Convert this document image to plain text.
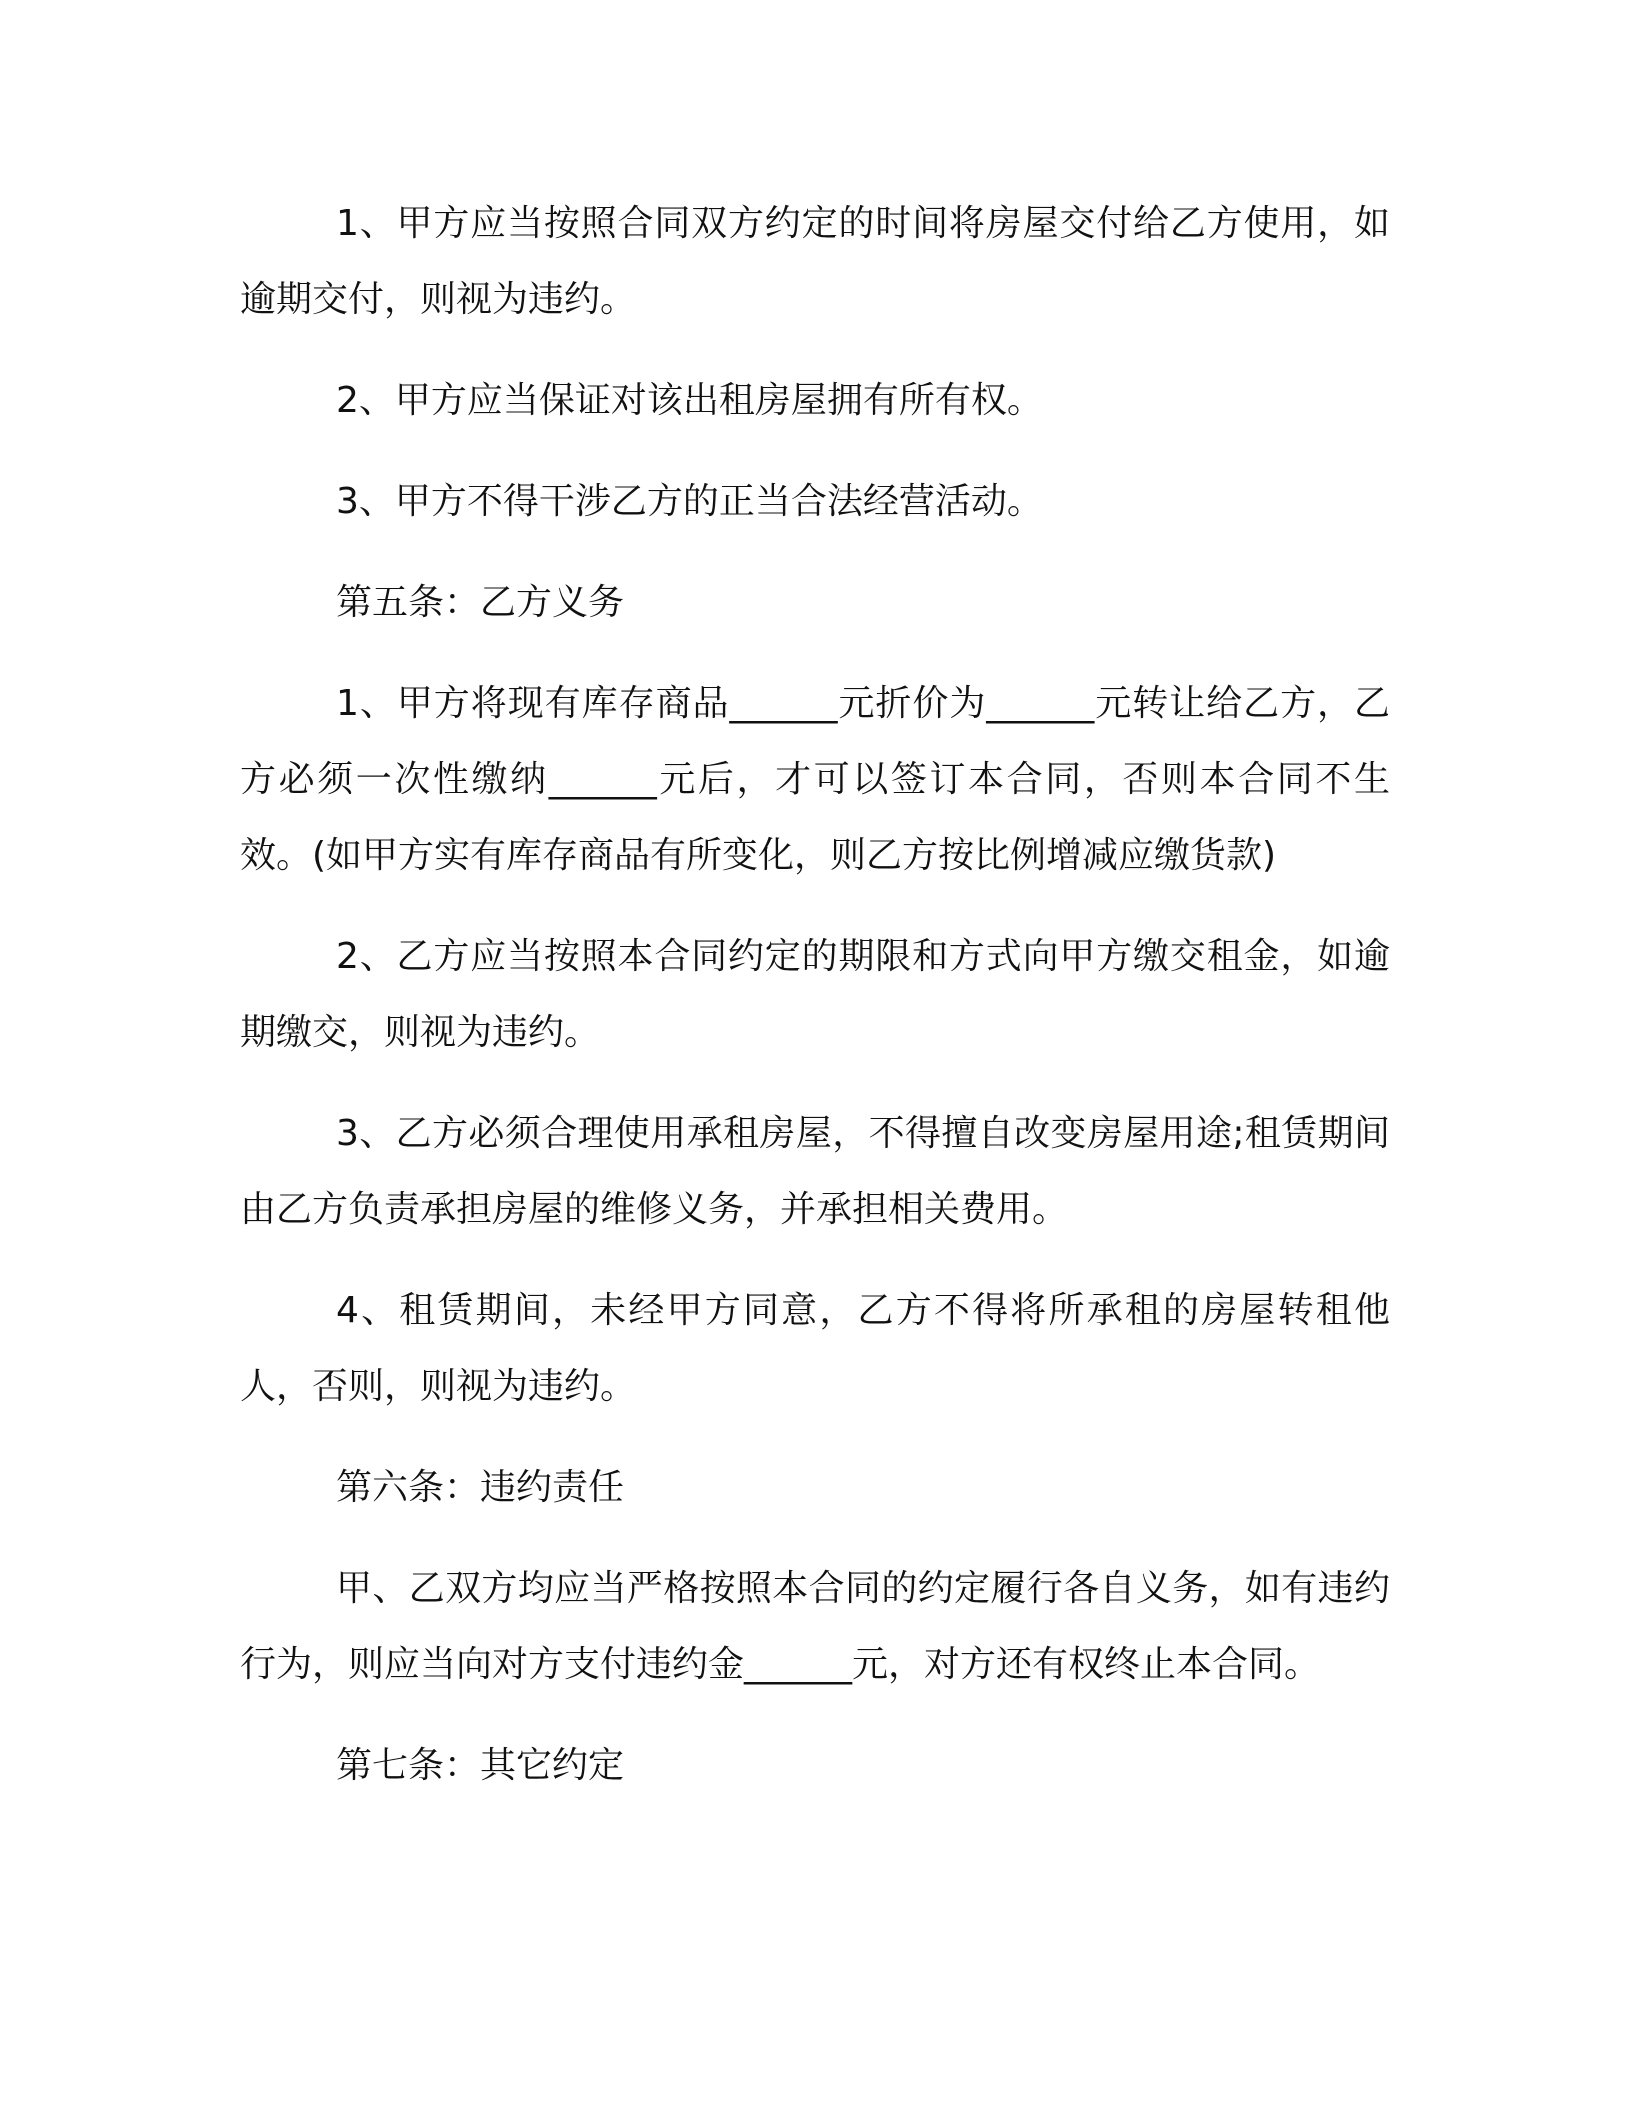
1、甲方应当按照合同双方约定的时间将房屋交付给乙方使用，如逾期交付，则视为违约。

2、甲方应当保证对该出租房屋拥有所有权。

3、甲方不得干涉乙方的正当合法经营活动。

第五条：乙方义务

1、甲方将现有库存商品______元折价为______元转让给乙方，乙方必须一次性缴纳______元后，才可以签订本合同，否则本合同不生效。(如甲方实有库存商品有所变化，则乙方按比例增减应缴货款)

2、乙方应当按照本合同约定的期限和方式向甲方缴交租金，如逾期缴交，则视为违约。

3、乙方必须合理使用承租房屋，不得擅自改变房屋用途;租赁期间由乙方负责承担房屋的维修义务，并承担相关费用。

4、租赁期间，未经甲方同意，乙方不得将所承租的房屋转租他人，否则，则视为违约。

第六条：违约责任

甲、乙双方均应当严格按照本合同的约定履行各自义务，如有违约行为，则应当向对方支付违约金______元，对方还有权终止本合同。

第七条：其它约定
